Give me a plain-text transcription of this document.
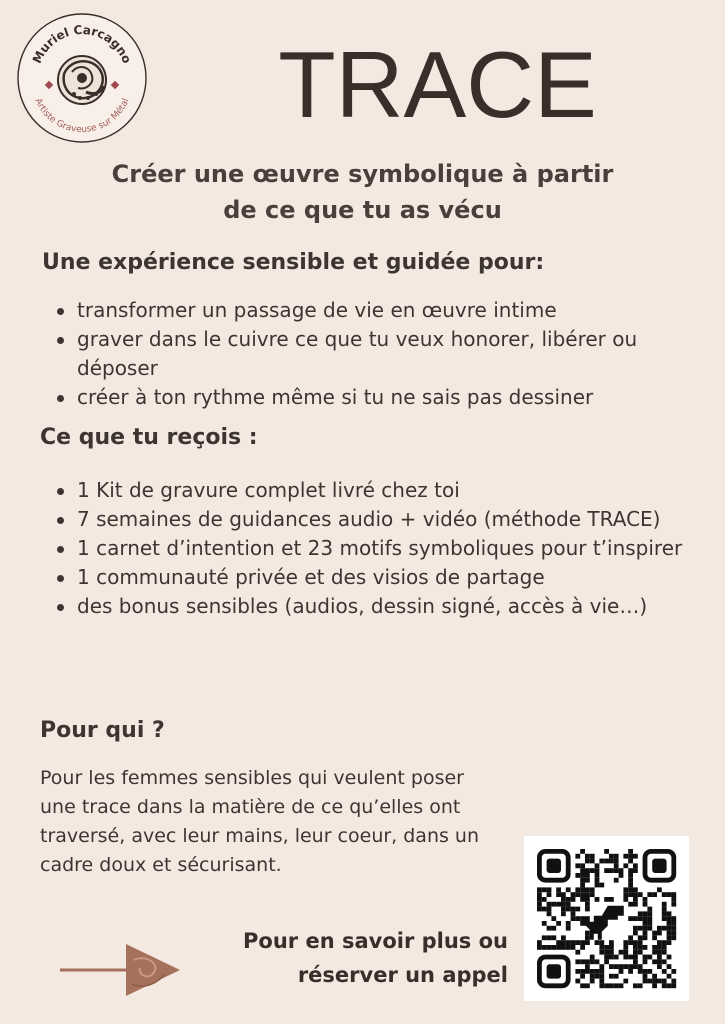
Muriel Carcagno
Artiste Graveuse sur Métal	TRACE
Créer une œuvre symbolique à partir
de ce que tu as vécu
Une expérience sensible et guidée pour:
transformer un passage de vie en œuvre intime
graver dans le cuivre ce que tu veux honorer, libérer ou déposer
créer à ton rythme même si tu ne sais pas dessiner
Ce que tu reçois :
1 Kit de gravure complet livré chez toi
7 semaines de guidances audio + vidéo (méthode TRACE)
1 carnet d’intention et 23 motifs symboliques pour t’inspirer
1 communauté privée et des visios de partage
des bonus sensibles (audios, dessin signé, accès à vie…)
Pour qui ?
Pour les femmes sensibles qui veulent poser une trace dans la matière de ce qu’elles ont traversé, avec leur mains, leur coeur, dans un cadre doux et sécurisant.
Pour en savoir plus ou
réserver un appel
